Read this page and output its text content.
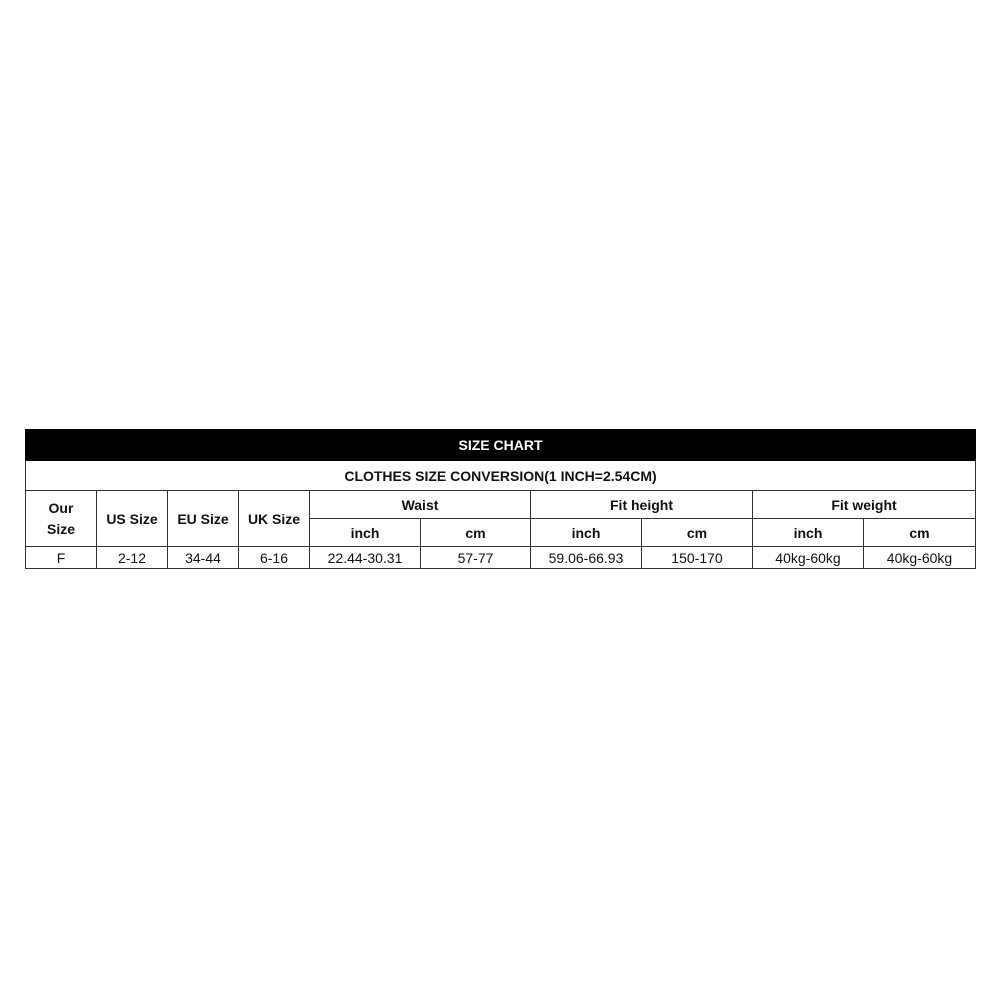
SIZE CHART									
CLOTHES SIZE CONVERSION(1 INCH=2.54CM)									

Our
Size	US Size	EU Size	UK Size	Waist		Fit height		Fit weight	
				inch	cm	inch	cm	inch	cm
F	2-12	34-44	6-16	22.44-30.31	57-77	59.06-66.93	150-170	40kg-60kg	40kg-60kg
